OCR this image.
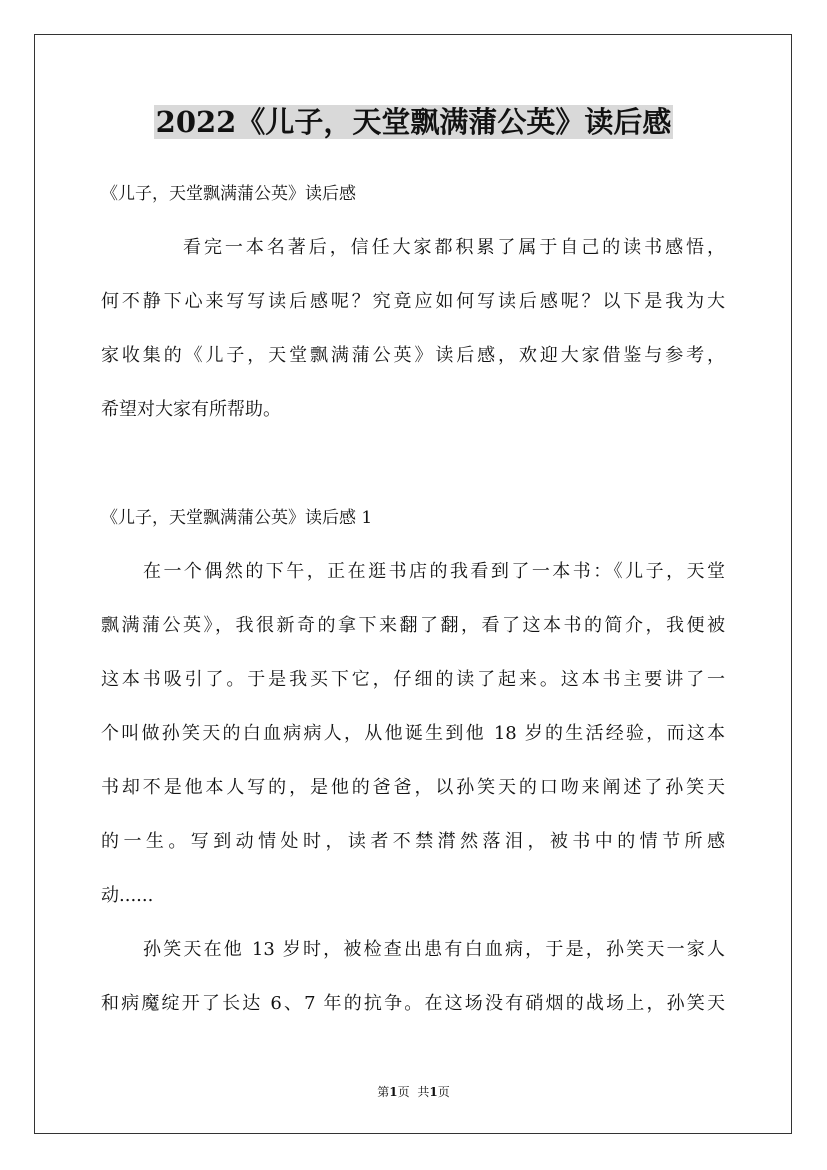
2022《儿子，天堂飘满蒲公英》读后感
《儿子，天堂飘满蒲公英》读后感
看完一本名著后，信任大家都积累了属于自己的读书感悟，
何不静下心来写写读后感呢？究竟应如何写读后感呢？以下是我为大
家收集的《儿子，天堂飘满蒲公英》读后感，欢迎大家借鉴与参考，
希望对大家有所帮助。
《儿子，天堂飘满蒲公英》读后感 1
在一个偶然的下午，正在逛书店的我看到了一本书：《儿子，天堂
飘满蒲公英》，我很新奇的拿下来翻了翻，看了这本书的简介，我便被
这本书吸引了。于是我买下它，仔细的读了起来。这本书主要讲了一
个叫做孙笑天的白血病病人，从他诞生到他 18 岁的生活经验，而这本
书却不是他本人写的，是他的爸爸，以孙笑天的口吻来阐述了孙笑天
的一生。写到动情处时，读者不禁潸然落泪，被书中的情节所感
动......
孙笑天在他 13 岁时，被检查出患有白血病，于是，孙笑天一家人
和病魔绽开了长达 6、7 年的抗争。在这场没有硝烟的战场上，孙笑天
第1页 共1页
